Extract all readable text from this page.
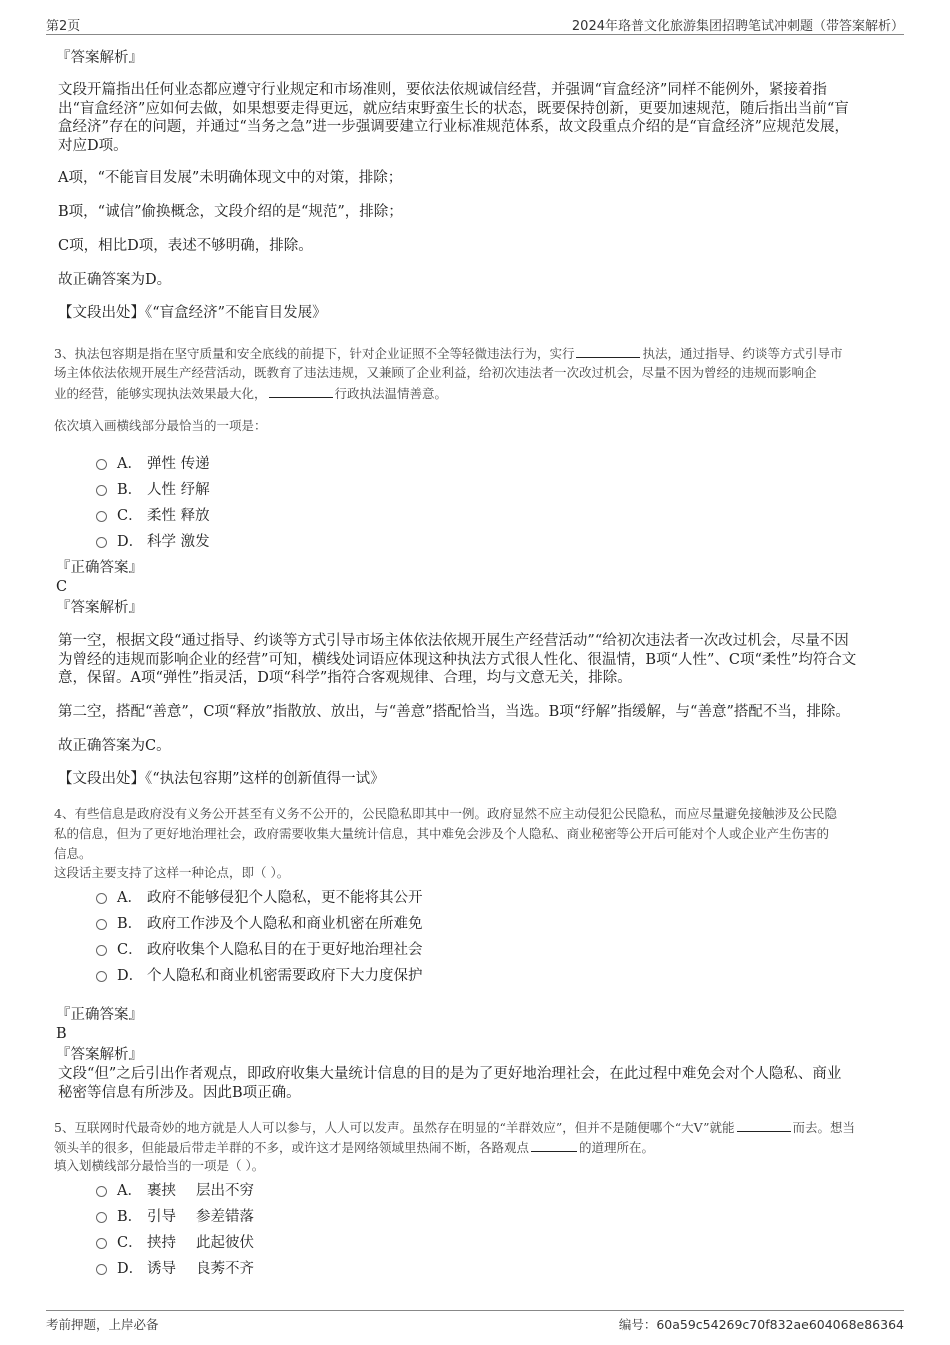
第2页	2024年珞普文化旅游集团招聘笔试冲刺题（带答案解析）
『答案解析』
文段开篇指出任何业态都应遵守行业规定和市场准则，要依法依规诚信经营，并强调“盲盒经济”同样不能例外，紧接着指
出“盲盒经济”应如何去做，如果想要走得更远，就应结束野蛮生长的状态，既要保持创新，更要加速规范，随后指出当前“盲
盒经济”存在的问题，并通过“当务之急”进一步强调要建立行业标准规范体系，故文段重点介绍的是“盲盒经济”应规范发展，
对应D项。
A项，“不能盲目发展”未明确体现文中的对策，排除；
B项，“诚信”偷换概念，文段介绍的是“规范”，排除；
C项，相比D项，表述不够明确，排除。
故正确答案为D。
【文段出处】《“盲盒经济”不能盲目发展》
3、执法包容期是指在坚守质量和安全底线的前提下，针对企业证照不全等轻微违法行为，实行	执法，通过指导、约谈等方式引导市
场主体依法依规开展生产经营活动，既教育了违法违规，又兼顾了企业利益，给初次违法者一次改过机会，尽量不因为曾经的违规而影响企
业的经营，能够实现执法效果最大化，	行政执法温情善意。
依次填入画横线部分最恰当的一项是：
A． 弹性 传递
B． 人性 纾解
C． 柔性 释放
D． 科学 激发
『正确答案』
C
『答案解析』
第一空，根据文段“通过指导、约谈等方式引导市场主体依法依规开展生产经营活动”“给初次违法者一次改过机会，尽量不因
为曾经的违规而影响企业的经营”可知，横线处词语应体现这种执法方式很人性化、很温情，B项“人性”、C项“柔性”均符合文
意，保留。A项“弹性”指灵活，D项“科学”指符合客观规律、合理，均与文意无关，排除。
第二空，搭配“善意”，C项“释放”指散放、放出，与“善意”搭配恰当，当选。B项“纾解”指缓解，与“善意”搭配不当，排除。
故正确答案为C。
【文段出处】《“执法包容期”这样的创新值得一试》
4、有些信息是政府没有义务公开甚至有义务不公开的，公民隐私即其中一例。政府显然不应主动侵犯公民隐私，而应尽量避免接触涉及公民隐
私的信息，但为了更好地治理社会，政府需要收集大量统计信息，其中难免会涉及个人隐私、商业秘密等公开后可能对个人或企业产生伤害的
信息。
这段话主要支持了这样一种论点，即（ ）。
A． 政府不能够侵犯个人隐私，更不能将其公开
B． 政府工作涉及个人隐私和商业机密在所难免
C． 政府收集个人隐私目的在于更好地治理社会
D． 个人隐私和商业机密需要政府下大力度保护
『正确答案』
B
『答案解析』
文段“但”之后引出作者观点，即政府收集大量统计信息的目的是为了更好地治理社会，在此过程中难免会对个人隐私、商业
秘密等信息有所涉及。因此B项正确。
5、互联网时代最奇妙的地方就是人人可以参与，人人可以发声。虽然存在明显的“羊群效应”，但并不是随便哪个“大V”就能	而去。想当
领头羊的很多，但能最后带走羊群的不多，或许这才是网络领域里热闹不断，各路观点	的道理所在。
填入划横线部分最恰当的一项是（ ）。
A． 裹挟 层出不穷
B． 引导 参差错落
C． 挟持 此起彼伏
D． 诱导 良莠不齐
考前押题，上岸必备	编号：60a59c54269c70f832ae604068e86364
